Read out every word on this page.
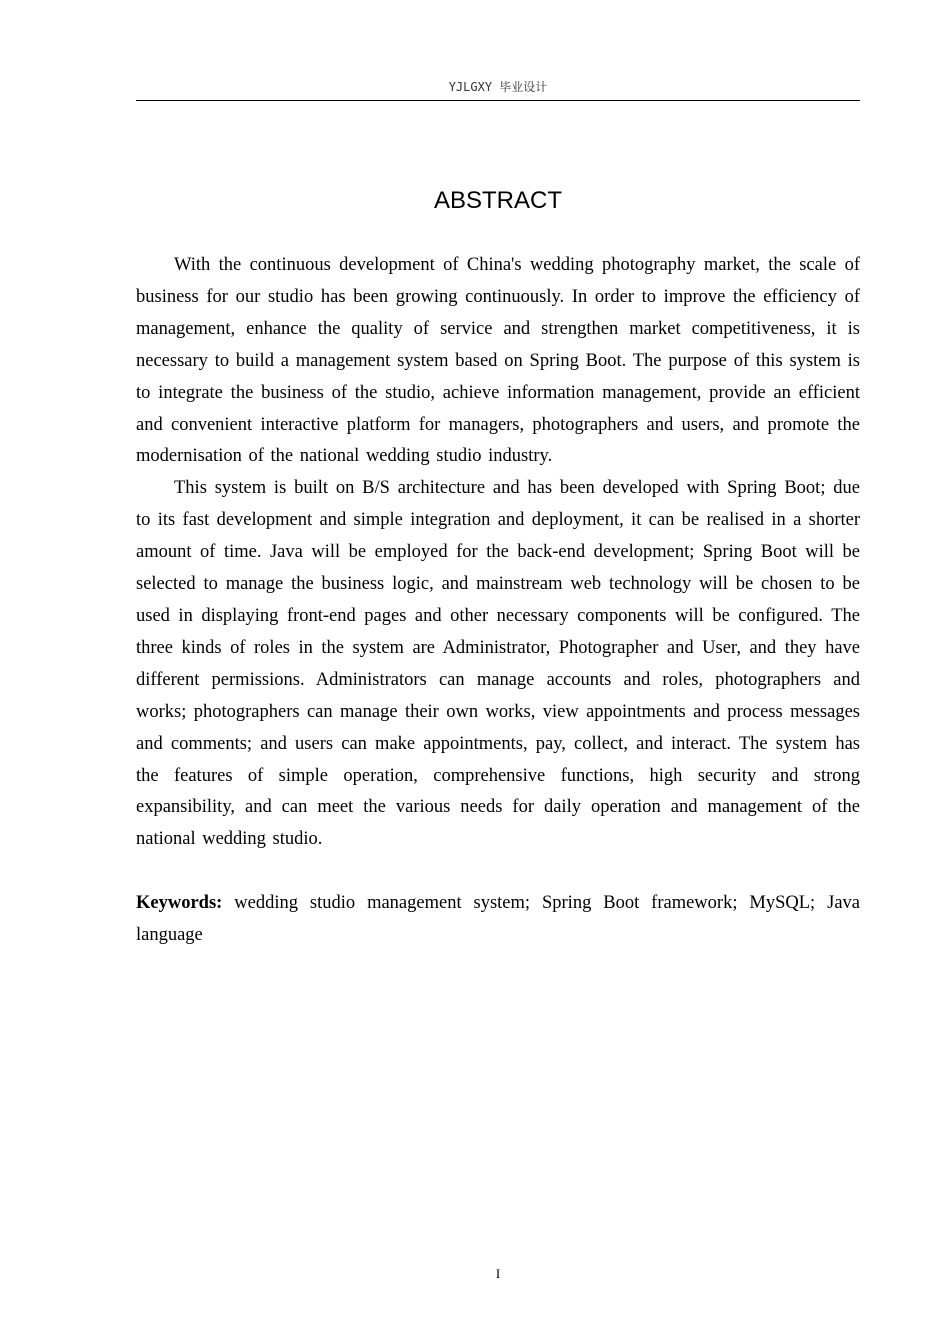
YJLGXY 毕业设计
ABSTRACT

With the continuous development of China's wedding photography market, the scale of business for our studio has been growing continuously. In order to improve the efficiency of management, enhance the quality of service and strengthen market competitiveness, it is necessary to build a management system based on Spring Boot. The purpose of this system is to integrate the business of the studio, achieve information management, provide an efficient and convenient interactive platform for managers, photographers and users, and promote the modernisation of the national wedding studio industry.

This system is built on B/S architecture and has been developed with Spring Boot; due to its fast development and simple integration and deployment, it can be realised in a shorter amount of time. Java will be employed for the back-end development; Spring Boot will be selected to manage the business logic, and mainstream web technology will be chosen to be used in displaying front-end pages and other necessary components will be configured. The three kinds of roles in the system are Administrator, Photographer and User, and they have different permissions. Administrators can manage accounts and roles, photographers and works; photographers can manage their own works, view appointments and process messages and comments; and users can make appointments, pay, collect, and interact. The system has the features of simple operation, comprehensive functions, high security and strong expansibility, and can meet the various needs for daily operation and management of the national wedding studio.

Keywords: wedding studio management system; Spring Boot framework; MySQL; Java language

I
